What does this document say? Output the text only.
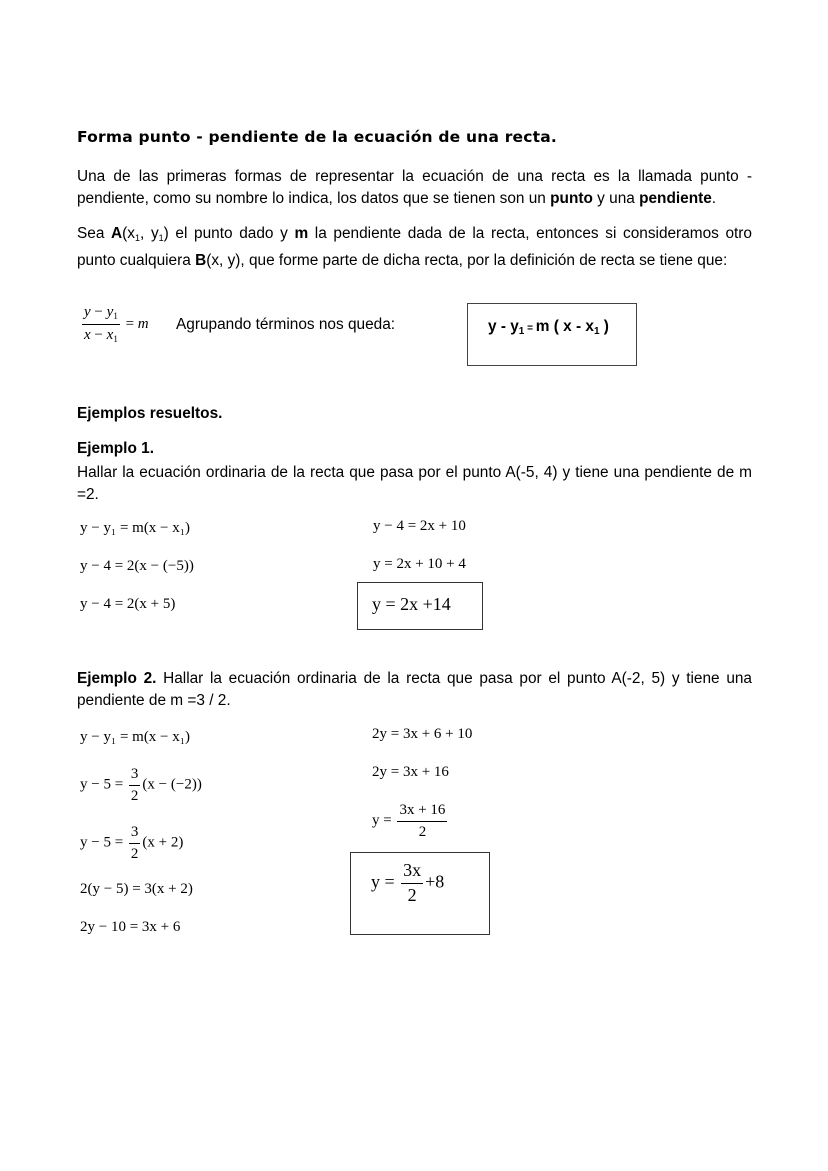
Forma punto - pendiente de la ecuación de una recta.
Una de las primeras formas de representar la ecuación de una recta es la llamada punto - pendiente, como su nombre lo indica, los datos que se tienen son un punto y una pendiente.
Sea $A(x_1$, $y_1$) el punto dado y m la pendiente dada de la recta, entonces si consideramos otro punto cualquiera B(x, y), que forme parte de dicha recta, por la definición de recta se tiene que:
$\frac{y - y_1}{x - x_1} = m$ Agrupando términos nos queda:	$y - y_1 = m$ ( x - $x_1$ )
Ejemplos resueltos.
Ejemplo 1.
Hallar la ecuación ordinaria de la recta que pasa por el punto A(-5, 4) y tiene una pendiente de m =2.
y − y₁ = m(x − x₁)
y − 4 = 2(x − (−5))
y − 4 = 2(x + 5)
y − 4 = 2x + 10
y = 2x + 10 + 4
y = 2x +14
Ejemplo 2. Hallar la ecuación ordinaria de la recta que pasa por el punto A(-2, 5) y tiene una pendiente de m =3 / 2.
y − y₁ = m(x − x₁)
$y - 5 = \frac{3}{2} (x - (-2))$
$y - 5 = \frac{3}{2} (x + 2)$
2(y − 5) = 3(x + 2)
2y − 10 = 3x + 6
2y = 3x + 6 + 10
2y = 3x + 16
$y = \frac{3x + 16}{2}$
$y = \frac{3x}{2} +8$
